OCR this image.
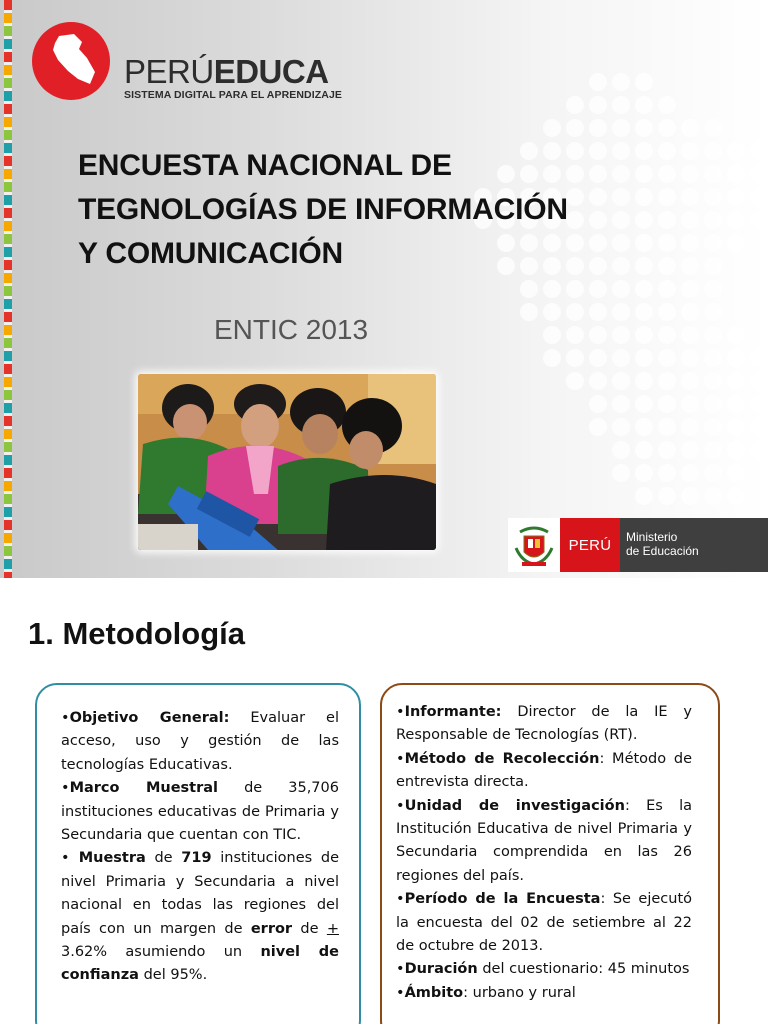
PERÚEDUCA
SISTEMA DIGITAL PARA EL APRENDIZAJE
ENCUESTA NACIONAL DE
TEGNOLOGÍAS DE INFORMACIÓN
Y COMUNICACIÓN
ENTIC 2013
PERÚ	Ministerio
de Educación
1. Metodología

•Objetivo General: Evaluar el acceso, uso y gestión de las tecnologías Educativas.

•Marco Muestral de 35,706 instituciones educativas de Primaria y Secundaria que cuentan con TIC.

• Muestra de 719 instituciones de nivel Primaria y Secundaria a nivel nacional en todas las regiones del país con un margen de error de + 3.62% asumiendo un nivel de confianza del 95%.

•Informante: Director de la IE y Responsable de Tecnologías (RT).

•Método de Recolección: Método de entrevista directa.

•Unidad de investigación: Es la Institución Educativa de nivel Primaria y Secundaria comprendida en las 26 regiones del país.

•Período de la Encuesta: Se ejecutó la encuesta del 02 de setiembre al 22 de octubre de 2013.

•Duración del cuestionario: 45 minutos

•Ámbito: urbano y rural
